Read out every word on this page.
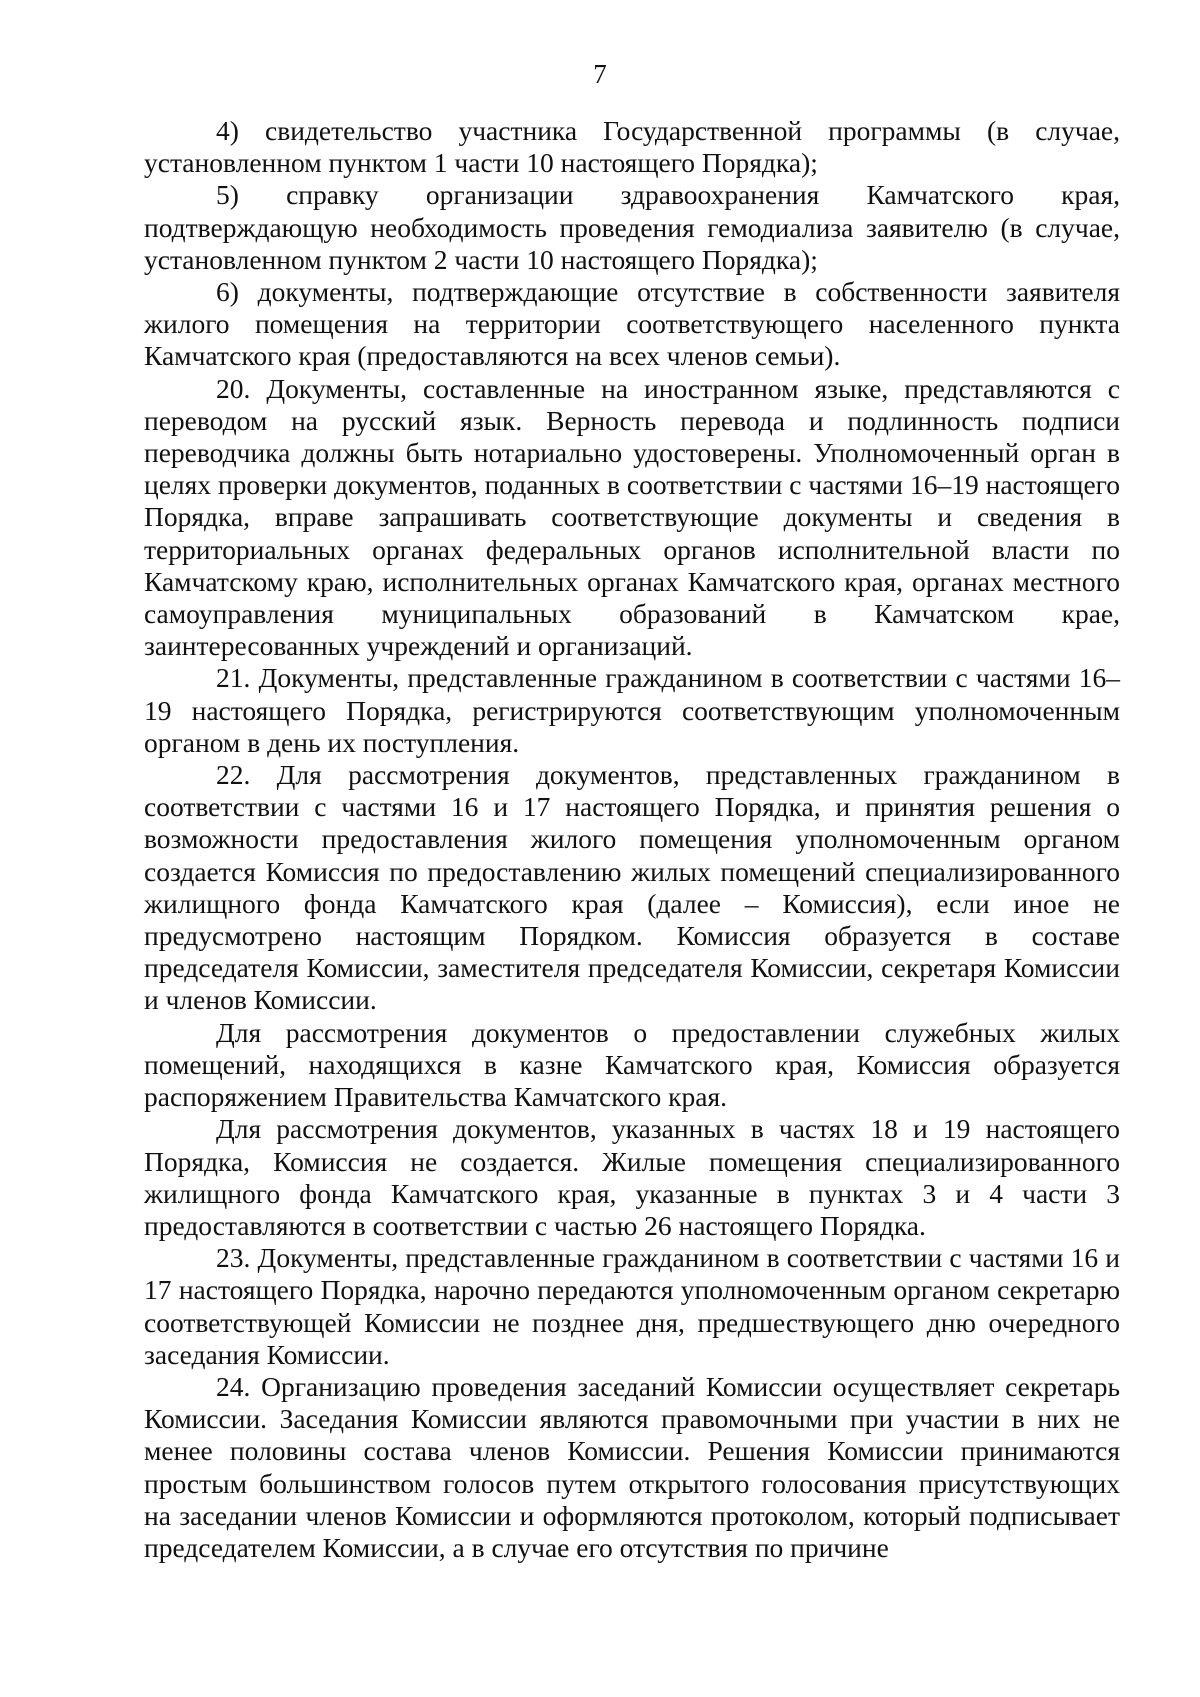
7

4) свидетельство участника Государственной программы (в случае, установленном пунктом 1 части 10 настоящего Порядка);

5) справку организации здравоохранения Камчатского края, подтверждающую необходимость проведения гемодиализа заявителю (в случае, установленном пунктом 2 части 10 настоящего Порядка);

6) документы, подтверждающие отсутствие в собственности заявителя жилого помещения на территории соответствующего населенного пункта Камчатского края (предоставляются на всех членов семьи).

20. Документы, составленные на иностранном языке, представляются с переводом на русский язык. Верность перевода и подлинность подписи переводчика должны быть нотариально удостоверены. Уполномоченный орган в целях проверки документов, поданных в соответствии с частями 16–19 настоящего Порядка, вправе запрашивать соответствующие документы и сведения в территориальных органах федеральных органов исполнительной власти по Камчатскому краю, исполнительных органах Камчатского края, органах местного самоуправления муниципальных образований в Камчатском крае, заинтересованных учреждений и организаций.

21. Документы, представленные гражданином в соответствии с частями 16–19 настоящего Порядка, регистрируются соответствующим уполномоченным органом в день их поступления.

22. Для рассмотрения документов, представленных гражданином в соответствии с частями 16 и 17 настоящего Порядка, и принятия решения о возможности предоставления жилого помещения уполномоченным органом создается Комиссия по предоставлению жилых помещений специализированного жилищного фонда Камчатского края (далее – Комиссия), если иное не предусмотрено настоящим Порядком. Комиссия образуется в составе председателя Комиссии, заместителя председателя Комиссии, секретаря Комиссии и членов Комиссии.

Для рассмотрения документов о предоставлении служебных жилых помещений, находящихся в казне Камчатского края, Комиссия образуется распоряжением Правительства Камчатского края.

Для рассмотрения документов, указанных в частях 18 и 19 настоящего Порядка, Комиссия не создается. Жилые помещения специализированного жилищного фонда Камчатского края, указанные в пунктах 3 и 4 части 3 предоставляются в соответствии с частью 26 настоящего Порядка.

23. Документы, представленные гражданином в соответствии с частями 16 и 17 настоящего Порядка, нарочно передаются уполномоченным органом секретарю соответствующей Комиссии не позднее дня, предшествующего дню очередного заседания Комиссии.

24. Организацию проведения заседаний Комиссии осуществляет секретарь Комиссии. Заседания Комиссии являются правомочными при участии в них не менее половины состава членов Комиссии. Решения Комиссии принимаются простым большинством голосов путем открытого голосования присутствующих на заседании членов Комиссии и оформляются протоколом, который подписывает председателем Комиссии, а в случае его отсутствия по причине
